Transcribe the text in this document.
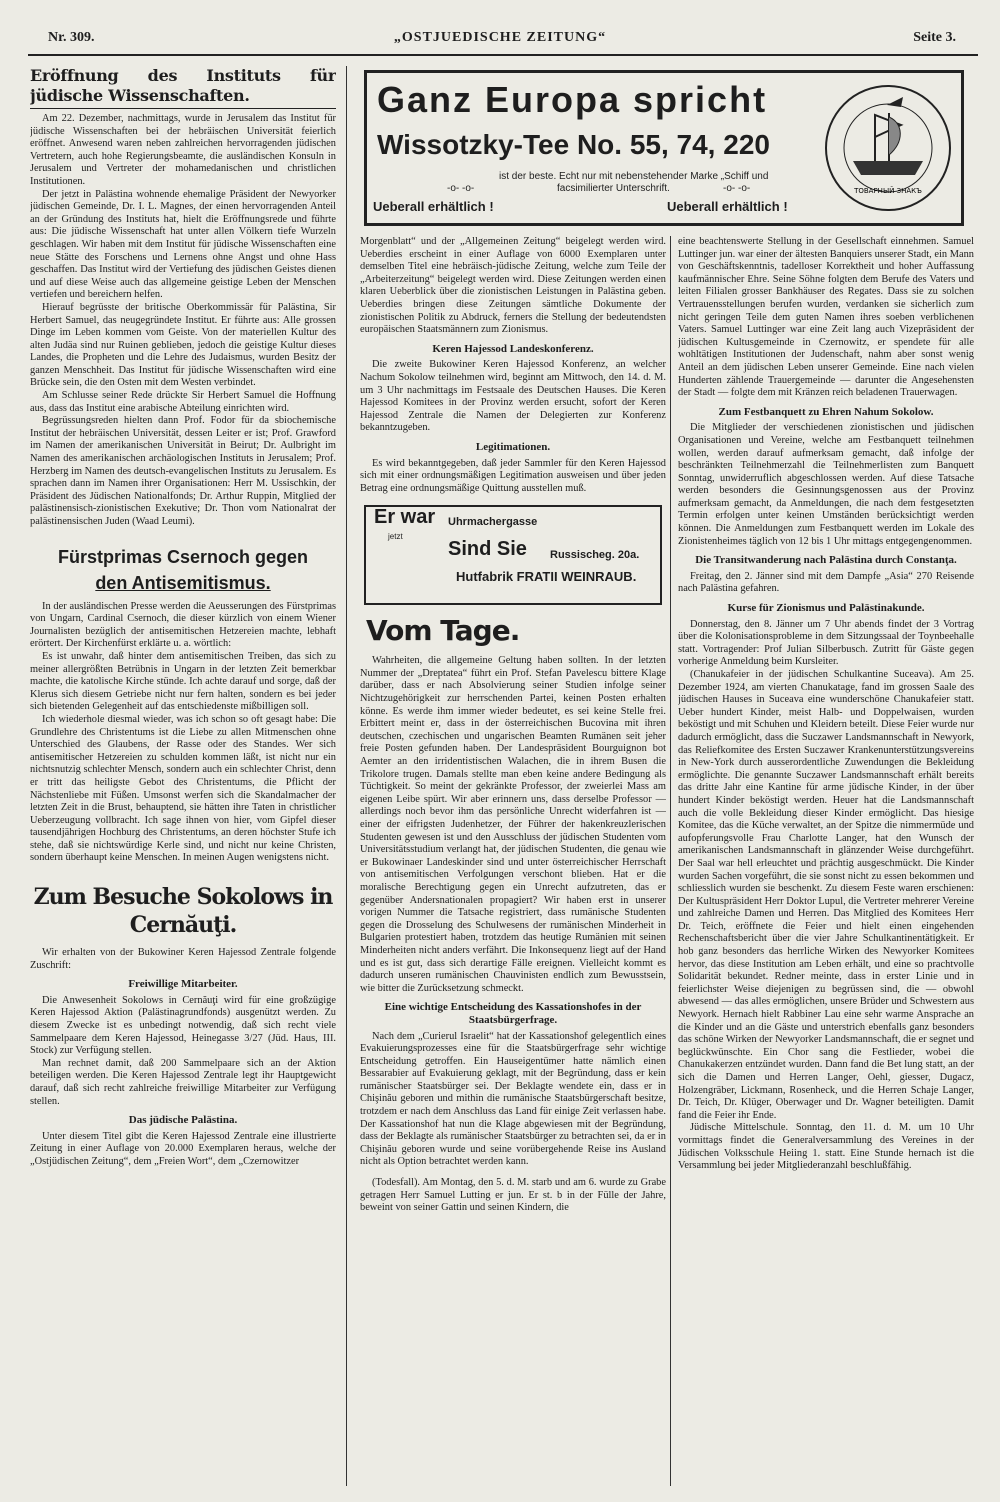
Nr. 309.	„OSTJUEDISCHE ZEITUNG“	Seite 3.
Eröffnung des Instituts für jüdische Wissenschaften.

Am 22. Dezember, nachmittags, wurde in Jerusalem das Institut für jüdische Wissenschaften bei der hebräischen Universität feierlich eröffnet. Anwesend waren neben zahlreichen hervorragenden jüdischen Vertretern, auch hohe Regierungsbeamte, die ausländischen Konsuln in Jerusalem und Vertreter der mohamedanischen und christlichen Institutionen.

Der jetzt in Palästina wohnende ehemalige Präsident der Newyorker jüdischen Gemeinde, Dr. I. L. Magnes, der einen hervorragenden Anteil an der Gründung des Instituts hat, hielt die Eröffnungsrede und führte aus: Die jüdische Wissenschaft hat unter allen Völkern tiefe Wurzeln geschlagen. Wir haben mit dem Institut für jüdische Wissenschaften eine neue Stätte des Forschens und Lernens ohne Angst und ohne Hass geschaffen. Das Institut wird der Vertiefung des jüdischen Geistes dienen und auf diese Weise auch das allgemeine geistige Leben der Menschen vertiefen und bereichern helfen.

Hierauf begrüsste der britische Oberkommissär für Palästina, Sir Herbert Samuel, das neugegründete Institut. Er führte aus: Alle grossen Dinge im Leben kommen vom Geiste. Von der materiellen Kultur des alten Judäa sind nur Ruinen geblieben, jedoch die geistige Kultur dieses Landes, die Propheten und die Lehre des Judaismus, wurden Besitz der ganzen Menschheit. Das Institut für jüdische Wissenschaften wird eine Brücke sein, die den Osten mit dem Westen verbindet.

Am Schlusse seiner Rede drückte Sir Herbert Samuel die Hoffnung aus, dass das Institut eine arabische Abteilung einrichten wird.

Begrüssungsreden hielten dann Prof. Fodor für da sbiochemische Institut der hebräischen Universität, dessen Leiter er ist; Prof. Grawford im Namen der amerikanischen Universität in Beirut; Dr. Aulbright im Namen des amerikanischen archäologischen Instituts in Jerusalem; Prof. Herzberg im Namen des deutsch-evangelischen Instituts zu Jerusalem. Es sprachen dann im Namen ihrer Organisationen: Herr M. Ussischkin, der Präsident des Jüdischen Nationalfonds; Dr. Arthur Ruppin, Mitglied der palästinensisch-zionistischen Exekutive; Dr. Thon vom Nationalrat der palästinensischen Juden (Waad Leumi).

Fürstprimas Csernoch gegen
den Antisemitismus.

In der ausländischen Presse werden die Aeusserungen des Fürstprimas von Ungarn, Cardinal Csernoch, die dieser kürzlich von einem Wiener Journalisten bezüglich der antisemitischen Hetzereien machte, lebhaft erörtert. Der Kirchenfürst erklärte u. a. wörtlich:

Es ist unwahr, daß hinter dem antisemitischen Treiben, das sich zu meiner allergrößten Betrübnis in Ungarn in der letzten Zeit bemerkbar machte, die katolische Kirche stünde. Ich achte darauf und sorge, daß der Klerus sich diesem Getriebe nicht nur fern halten, sondern es bei jeder sich bietenden Gelegenheit auf das entschiedenste mißbilligen soll.

Ich wiederhole diesmal wieder, was ich schon so oft gesagt habe: Die Grundlehre des Christentums ist die Liebe zu allen Mitmenschen ohne Unterschied des Glaubens, der Rasse oder des Standes. Wer sich antisemitischer Hetzereien zu schulden kommen läßt, ist nicht nur ein nichtsnutzig schlechter Mensch, sondern auch ein schlechter Christ, denn er tritt das heiligste Gebot des Christentums, die Pflicht der Nächstenliebe mit Füßen. Umsonst werfen sich die Skandalmacher der letzten Zeit in die Brust, behauptend, sie hätten ihre Taten in christlicher Ueberzeugung vollbracht. Ich sage ihnen von hier, vom Gipfel dieser tausendjährigen Hochburg des Christentums, an deren höchster Stufe ich stehe, daß sie nichtswürdige Kerle sind, und nicht nur keine Christen, sondern überhaupt keine Menschen. In meinen Augen wenigstens nicht.

Zum Besuche Sokolows in Cernăuţi.

Wir erhalten von der Bukowiner Keren Hajessod Zentrale folgende Zuschrift:

Freiwillige Mitarbeiter.

Die Anwesenheit Sokolows in Cernăuţi wird für eine großzügige Keren Hajessod Aktion (Palästinagrundfonds) ausgenützt werden. Zu diesem Zwecke ist es unbedingt notwendig, daß sich recht viele Sammelpaare dem Keren Hajessod, Heinegasse 3/27 (Jüd. Haus, III. Stock) zur Verfügung stellen.

Man rechnet damit, daß 200 Sammelpaare sich an der Aktion beteiligen werden. Die Keren Hajessod Zentrale legt ihr Hauptgewicht darauf, daß sich recht zahlreiche freiwillige Mitarbeiter zur Verfügung stellen.

Das jüdische Palästina.

Unter diesem Titel gibt die Keren Hajessod Zentrale eine illustrierte Zeitung in einer Auflage von 20.000 Exemplaren heraus, welche der „Ostjüdischen Zeitung“, dem „Freien Wort“, dem „Czernowitzer

Ganz Europa spricht
Wissotzky-Tee No. 55, 74, 220
ist der beste. Echt nur mit nebenstehender Marke „Schiff und
-o- -o-	facsimilierter Unterschrift.	-o- -o-
Ueberall erhältlich !	Ueberall erhältlich !
ТОВАРНЫЙ ЗНАКЪ

Morgenblatt“ und der „Allgemeinen Zeitung“ beigelegt werden wird. Ueberdies erscheint in einer Auflage von 6000 Exemplaren unter demselben Titel eine hebräisch-jüdische Zeitung, welche zum Teile der „Arbeiterzeitung“ beigelegt werden wird. Diese Zeitungen werden einen klaren Ueberblick über die zionistischen Leistungen in Palästina geben. Ueberdies bringen diese Zeitungen sämtliche Dokumente der zionistischen Politik zu Abdruck, ferners die Stellung der bedeutendsten europäischen Staatsmännern zum Zionismus.

Keren Hajessod Landeskonferenz.

Die zweite Bukowiner Keren Hajessod Konferenz, an welcher Nachum Sokolow teilnehmen wird, beginnt am Mittwoch, den 14. d. M. um 3 Uhr nachmittags im Festsaale des Deutschen Hauses. Die Keren Hajessod Komitees in der Provinz werden ersucht, sofort der Keren Hajessod Zentrale die Namen der Delegierten zur Konferenz bekanntzugeben.

Legitimationen.

Es wird bekanntgegeben, daß jeder Sammler für den Keren Hajessod sich mit einer ordnungsmäßigen Legitimation ausweisen und über jeden Betrag eine ordnungsmäßige Quittung ausstellen muß.

Er war Uhrmachergasse
jetzt
Sind Sie Russischeg. 20a.
Hutfabrik FRATII WEINRAUB.
Vom Tage.

Wahrheiten, die allgemeine Geltung haben sollten. In der letzten Nummer der „Dreptatea“ führt ein Prof. Stefan Pavelescu bittere Klage darüber, dass er nach Absolvierung seiner Studien infolge seiner Nichtzugehörigkeit zur herrschenden Partei, keinen Posten erhalten könne. Es werde ihm immer wieder bedeutet, es sei keine Stelle frei. Erbittert meint er, dass in der österreichischen Bucovina mit ihren deutschen, czechischen und ungarischen Beamten Rumänen seit jeher freie Posten gefunden haben. Der Landespräsident Bourguignon bot Aemter an den irridentistischen Walachen, die in ihrem Busen die Trikolore trugen. Damals stellte man eben keine andere Bedingung als Tüchtigkeit. So meint der gekränkte Professor, der zweierlei Mass am eigenen Leibe spürt. Wir aber erinnern uns, dass derselbe Professor — allerdings noch bevor ihm das persönliche Unrecht widerfahren ist — einer der eifrigsten Judenhetzer, der Führer der hakenkreuzlerischen Studenten gewesen ist und den Ausschluss der jüdischen Studenten vom Universitätsstudium verlangt hat, der jüdischen Studenten, die genau wie er Bukowinaer Landeskinder sind und unter österreichischer Herrschaft von antisemitischen Verfolgungen verschont blieben. Hat er die moralische Berechtigung gegen ein Unrecht aufzutreten, das er gegenüber Andersnationalen propagiert? Wir haben erst in unserer vorigen Nummer die Tatsache registriert, dass rumänische Studenten gegen die Drosselung des Schulwesens der rumänischen Minderheit in Bulgarien protestiert haben, trotzdem das heutige Rumänien mit seinen Minderheiten nicht anders verfährt. Die Inkonsequenz liegt auf der Hand und es ist gut, dass sich derartige Fälle ereignen. Vielleicht kommt es dadurch unseren rumänischen Chauvinisten endlich zum Bewusstsein, wie bitter die Zurücksetzung schmeckt.

Eine wichtige Entscheidung des Kassationshofes in der Staatsbürgerfrage.

Nach dem „Curierul Israelit“ hat der Kassationshof gelegentlich eines Evakuierungsprozesses eine für die Staatsbürgerfrage sehr wichtige Entscheidung getroffen. Ein Hauseigentümer hatte nämlich einen Bessarabier auf Evakuierung geklagt, mit der Begründung, dass er kein rumänischer Staatsbürger sei. Der Beklagte wendete ein, dass er in Chişinău geboren und mithin die rumänische Staatsbürgerschaft besitze, trotzdem er nach dem Anschluss das Land für einige Zeit verlassen habe. Der Kassationshof hat nun die Klage abgewiesen mit der Begründung, dass der Beklagte als rumänischer Staatsbürger zu betrachten sei, da er in Chişinău geboren wurde und seine vorübergehende Reise ins Ausland nicht als Option betrachtet werden kann.

(Todesfall). Am Montag, den 5. d. M. starb und am 6. wurde zu Grabe getragen Herr Samuel Lutting er jun. Er st. b in der Fülle der Jahre, beweint von seiner Gattin und seinen Kindern, die

eine beachtenswerte Stellung in der Gesellschaft einnehmen. Samuel Luttinger jun. war einer der ältesten Banquiers unserer Stadt, ein Mann von Geschäftskenntnis, tadelloser Korrektheit und hoher Auffassung kaufmännischer Ehre. Seine Söhne folgten dem Berufe des Vaters und leiten Filialen grosser Bankhäuser des Regates. Dass sie zu solchen Vertrauensstellungen berufen wurden, verdanken sie sicherlich zum nicht geringen Teile dem guten Namen ihres soeben verblichenen Vaters. Samuel Luttinger war eine Zeit lang auch Vizepräsident der jüdischen Kultusgemeinde in Czernowitz, er spendete für alle wohltätigen Institutionen der Judenschaft, nahm aber sonst wenig Anteil an dem jüdischen Leben unserer Gemeinde. Eine nach vielen Hunderten zählende Trauergemeinde — darunter die Angesehensten der Stadt — folgte dem mit Kränzen reich beladenen Trauerwagen.

Zum Festbanquett zu Ehren Nahum Sokolow.

Die Mitglieder der verschiedenen zionistischen und jüdischen Organisationen und Vereine, welche am Festbanquett teilnehmen wollen, werden darauf aufmerksam gemacht, daß infolge der beschränkten Teilnehmerzahl die Teilnehmerlisten zum Banquett Sonntag, unwiderruflich abgeschlossen werden. Auf diese Tatsache werden besonders die Gesinnungsgenossen aus der Provinz aufmerksam gemacht, da Anmeldungen, die nach dem festgesetzten Termin erfolgen unter keinen Umständen berücksichtigt werden können. Die Anmeldungen zum Festbanquett werden im Lokale des Zionistenheimes täglich von 12 bis 1 Uhr mittags entgegengenommen.

Die Transitwanderung nach Palästina durch Constanţa.

Freitag, den 2. Jänner sind mit dem Dampfe „Asia“ 270 Reisende nach Palästina gefahren.

Kurse für Zionismus und Palästinakunde.

Donnerstag, den 8. Jänner um 7 Uhr abends findet der 3 Vortrag über die Kolonisationsprobleme in dem Sitzungssaal der Toynbeehalle statt. Vortragender: Prof Julian Silberbusch. Zutritt für Gäste gegen vorherige Anmeldung beim Kursleiter.

(Chanukafeier in der jüdischen Schulkantine Suceava). Am 25. Dezember 1924, am vierten Chanukatage, fand im grossen Saale des jüdischen Hauses in Suceava eine wunderschöne Chanukafeier statt. Ueber hundert Kinder, meist Halb- und Doppelwaisen, wurden beköstigt und mit Schuhen und Kleidern beteilt. Diese Feier wurde nur dadurch ermöglicht, dass die Suczawer Landsmannschaft in Newyork, das Reliefkomitee des Ersten Suczawer Krankenunterstützungsvereins in New-York durch ausserordentliche Zuwendungen die Bekleidung ermöglichte. Die genannte Suczawer Landsmannschaft erhält bereits das dritte Jahr eine Kantine für arme jüdische Kinder, in der über hundert Kinder beköstigt werden. Heuer hat die Landsmannschaft auch die volle Bekleidung dieser Kinder ermöglicht. Das hiesige Komitee, das die Küche verwaltet, an der Spitze die nimmermüde und aufopferungsvolle Frau Charlotte Langer, hat den Wunsch der amerikanischen Landsmannschaft in glänzender Weise durchgeführt. Der Saal war hell erleuchtet und prächtig ausgeschmückt. Die Kinder wurden Sachen vorgeführt, die sie sonst nicht zu essen bekommen und schliesslich wurden sie beschenkt. Zu diesem Feste waren erschienen: Der Kultuspräsident Herr Doktor Lupul, die Vertreter mehrerer Vereine und zahlreiche Damen und Herren. Das Mitglied des Komitees Herr Dr. Teich, eröffnete die Feier und hielt einen eingehenden Rechenschaftsbericht über die vier Jahre Schulkantinentätigkeit. Er hob ganz besonders das herrliche Wirken des Newyorker Komitees hervor, das diese Institution am Leben erhält, und eine so prachtvolle Solidarität bekundet. Redner meinte, dass in erster Linie und in feierlichster Weise diejenigen zu begrüssen sind, die — obwohl abwesend — das alles ermöglichen, unsere Brüder und Schwestern aus Newyork. Hernach hielt Rabbiner Lau eine sehr warme Ansprache an die Kinder und an die Gäste und unterstrich ebenfalls ganz besonders das schöne Wirken der Newyorker Landsmannschaft, die er segnet und beglückwünschte. Ein Chor sang die Festlieder, wobei die Chanukakerzen entzündet wurden. Dann fand die Bet lung statt, an der sich die Damen und Herren Langer, Oehl, giesser, Dugacz, Holzengräber, Lickmann, Rosenheck, und die Herren Schaje Langer, Dr. Teich, Dr. Klüger, Oberwager und Dr. Wagner beteiligten. Damit fand die Feier ihr Ende.

Jüdische Mittelschule. Sonntag, den 11. d. M. um 10 Uhr vormittags findet die Generalversammlung des Vereines in der Jüdischen Volksschule Heiing 1. statt. Eine Stunde hernach ist die Versammlung bei jeder Mitgliederanzahl beschlußfähig.
